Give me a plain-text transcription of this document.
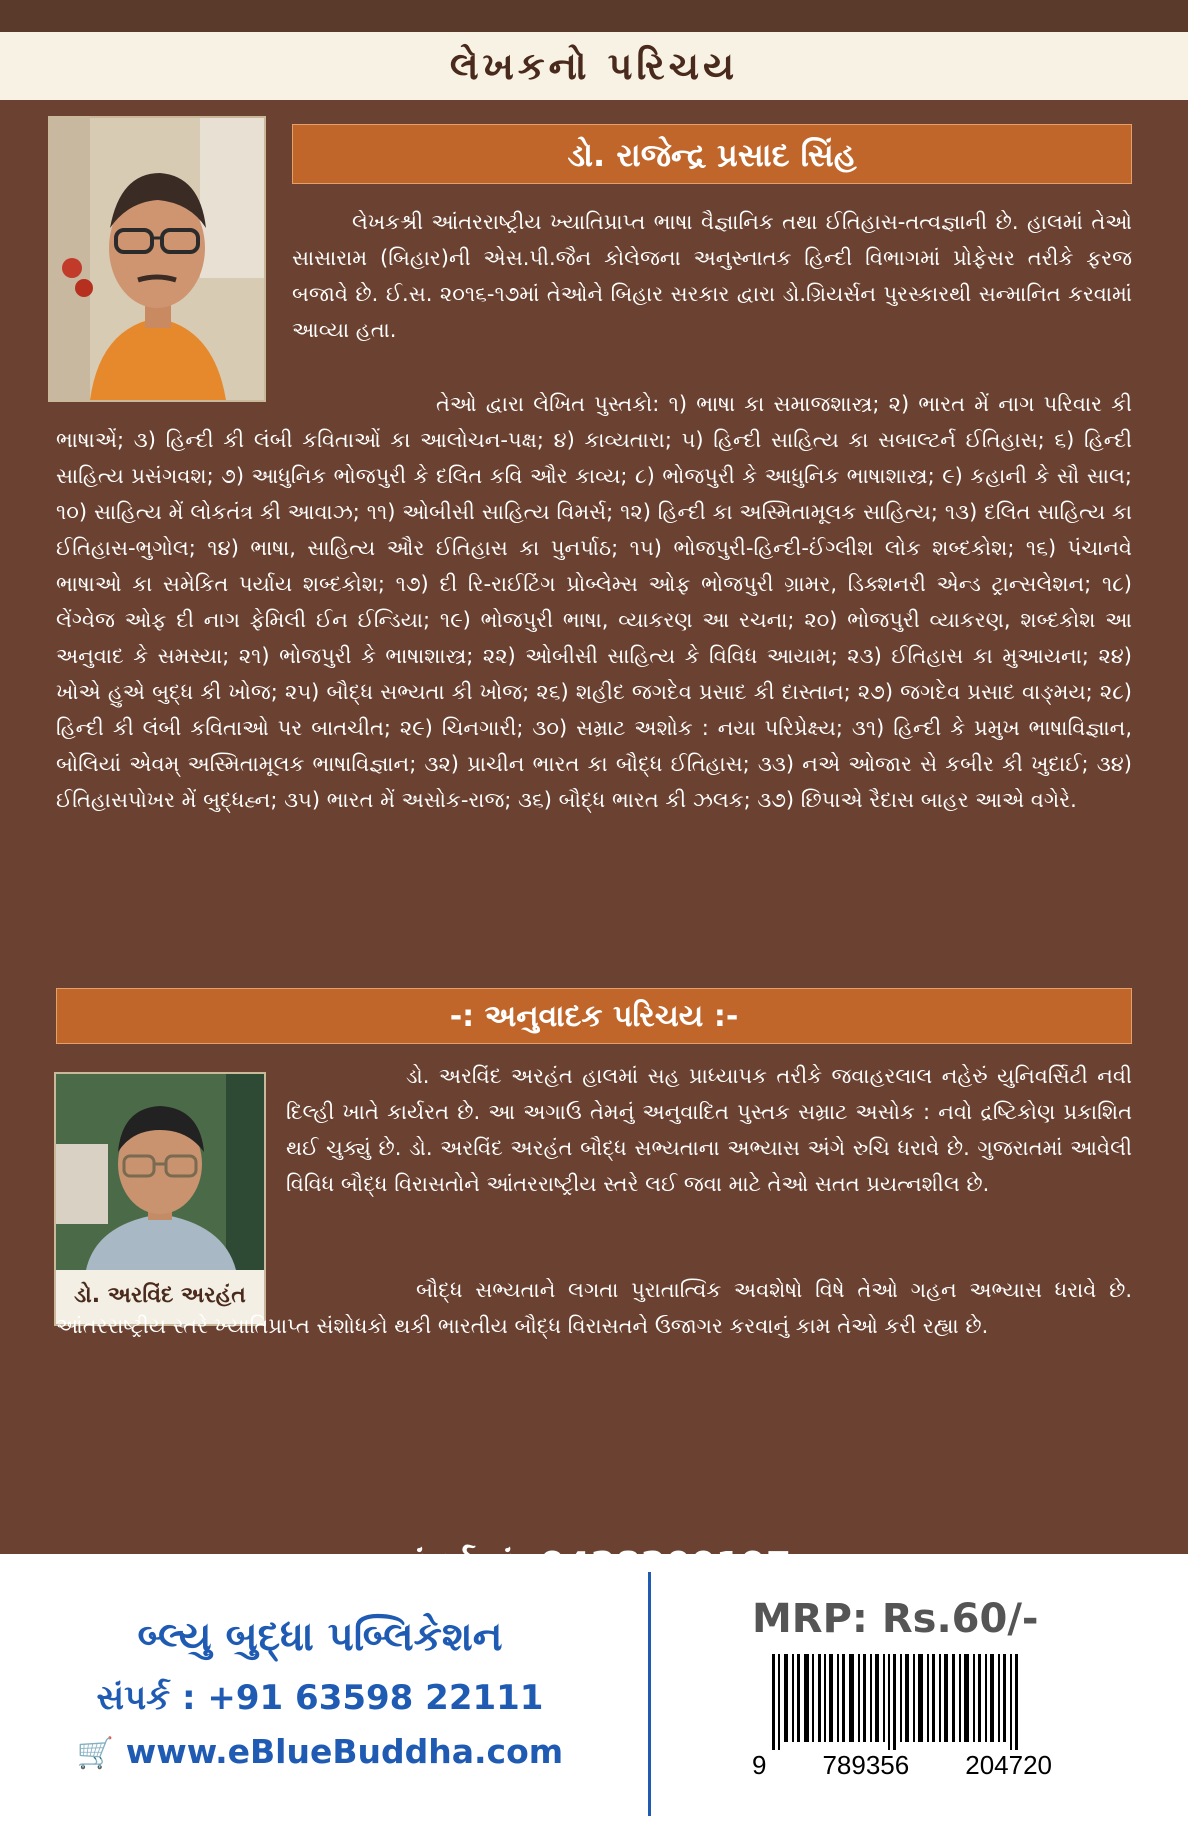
લેખકનો પરિચય
ડો. રાજેન્દ્ર પ્રસાદ સિંહ

લેખકશ્રી આંતરરાષ્ટ્રીય ખ્યાતિપ્રાપ્ત ભાષા વૈજ્ઞાનિક તથા ઈતિહાસ-તત્વજ્ઞાની છે. હાલમાં તેઓ સાસારામ (બિહાર)ની એસ.પી.જૈન કોલેજના અનુસ્નાતક હિન્દી વિભાગમાં પ્રોફેસર તરીકે ફરજ બજાવે છે. ઈ.સ. ૨૦૧૬-૧૭માં તેઓને બિહાર સરકાર દ્વારા ડો.ગ્રિયર્સન પુરસ્કારથી સન્માનિત કરવામાં આવ્યા હતા.

તેઓ દ્વારા લેખિત પુસ્તકો: ૧) ભાષા કા સમાજશાસ્ત્ર; ૨) ભારત મેં નાગ પરિવાર કી ભાષાએં; ૩) હિન્દી કી લંબી કવિતાઓં કા આલોચન-પક્ષ; ૪) કાવ્યતારા; ૫) હિન્દી સાહિત્ય કા સબાલ્ટર્ન ઈતિહાસ; ૬) હિન્દી સાહિત્ય પ્રસંગવશ; ૭) આધુનિક ભોજપુરી કે દલિત કવિ ઔર કાવ્ય; ૮) ભોજપુરી કે આધુનિક ભાષાશાસ્ત્ર; ૯) કહાની કે સૌ સાલ; ૧૦) સાહિત્ય મેં લોકતંત્ર કી આવાઝ; ૧૧) ઓબીસી સાહિત્ય વિમર્સ; ૧૨) હિન્દી કા અસ્મિતામૂલક સાહિત્ય; ૧૩) દલિત સાહિત્ય કા ઈતિહાસ-ભુગોલ; ૧૪) ભાષા, સાહિત્ય ઔર ઈતિહાસ કા પુનર્પાઠ; ૧૫) ભોજપુરી-હિન્દી-ઈંગ્લીશ લોક શબ્દકોશ; ૧૬) પંચાનવે ભાષાઓ કા સમેકિત પર્યાય શબ્દકોશ; ૧૭) દી રિ-રાઈટિંગ પ્રોબ્લેમ્સ ઓફ ભોજપુરી ગ્રામર, ડિક્શનરી એન્ડ ટ્રાન્સલેશન; ૧૮) લેંગ્વેજ ઓફ દી નાગ ફેમિલી ઈન ઈન્ડિયા; ૧૯) ભોજપુરી ભાષા, વ્યાકરણ આ રચના; ૨૦) ભોજપુરી વ્યાકરણ, શબ્દકોશ આ અનુવાદ કે સમસ્યા; ૨૧) ભોજપુરી કે ભાષાશાસ્ત્ર; ૨૨) ઓબીસી સાહિત્ય કે વિવિધ આયામ; ૨૩) ઈતિહાસ કા મુઆયના; ૨૪) ખોએ હુએ બુદ્ધ કી ખોજ; ૨૫) બૌદ્ધ સભ્યતા કી ખોજ; ૨૬) શહીદ જગદેવ પ્રસાદ કી દાસ્તાન; ૨૭) જગદેવ પ્રસાદ વાઙ્મય; ૨૮) હિન્દી કી લંબી કવિતાઓ પર બાતચીત; ૨૯) ચિનગારી; ૩૦) સમ્રાટ અશોક : નયા પરિપ્રેક્ષ્ય; ૩૧) હિન્દી કે પ્રમુખ ભાષાવિજ્ઞાન, બોલિયાં એવમ્ અસ્મિતામૂલક ભાષાવિજ્ઞાન; ૩૨) પ્રાચીન ભારત કા બૌદ્ધ ઈતિહાસ; ૩૩) નએ ઓજાર સે કબીર કી ખુદાઈ; ૩૪) ઈતિહાસપોખર મેં બુદ્ધહ્ન; ૩૫) ભારત મેં અસોક-રાજ; ૩૬) બૌદ્ધ ભારત કી ઝલક; ૩૭) છિપાએ રૈદાસ બાહર આએ વગેરે.

-: અનુવાદક પરિચય :-
ડો. અરવિંદ અરહંત

ડો. અરવિંદ અરહંત હાલમાં સહ પ્રાધ્યાપક તરીકે જવાહરલાલ નહેરું યુનિવર્સિટી નવી દિલ્હી ખાતે કાર્યરત છે. આ અગાઉ તેમનું અનુવાદિત પુસ્તક સમ્રાટ અસોક : નવો દ્રષ્ટિકોણ પ્રકાશિત થઈ ચુક્યું છે. ડો. અરવિંદ અરહંત બૌદ્ધ સભ્યતાના અભ્યાસ અંગે રુચિ ધરાવે છે. ગુજરાતમાં આવેલી વિવિધ બૌદ્ધ વિરાસતોને આંતરરાષ્ટ્રીય સ્તરે લઈ જવા માટે તેઓ સતત પ્રયત્નશીલ છે.

બૌદ્ધ સભ્યતાને લગતા પુરાતાત્વિક અવશેષો વિષે તેઓ ગહન અભ્યાસ ધરાવે છે. આંતરરાષ્ટ્રીય સ્તરે ખ્યાતિપ્રાપ્ત સંશોધકો થકી ભારતીય બૌદ્ધ વિરાસતને ઉજાગર કરવાનું કામ તેઓ કરી રહ્યા છે.

બ્લ્યુ બુદ્ધા પબ્લિકેશન
સંપર્ક : +91 63598 22111
🛒 www.eBlueBuddha.com
MRP: Rs.60/-
9 789356 204720
